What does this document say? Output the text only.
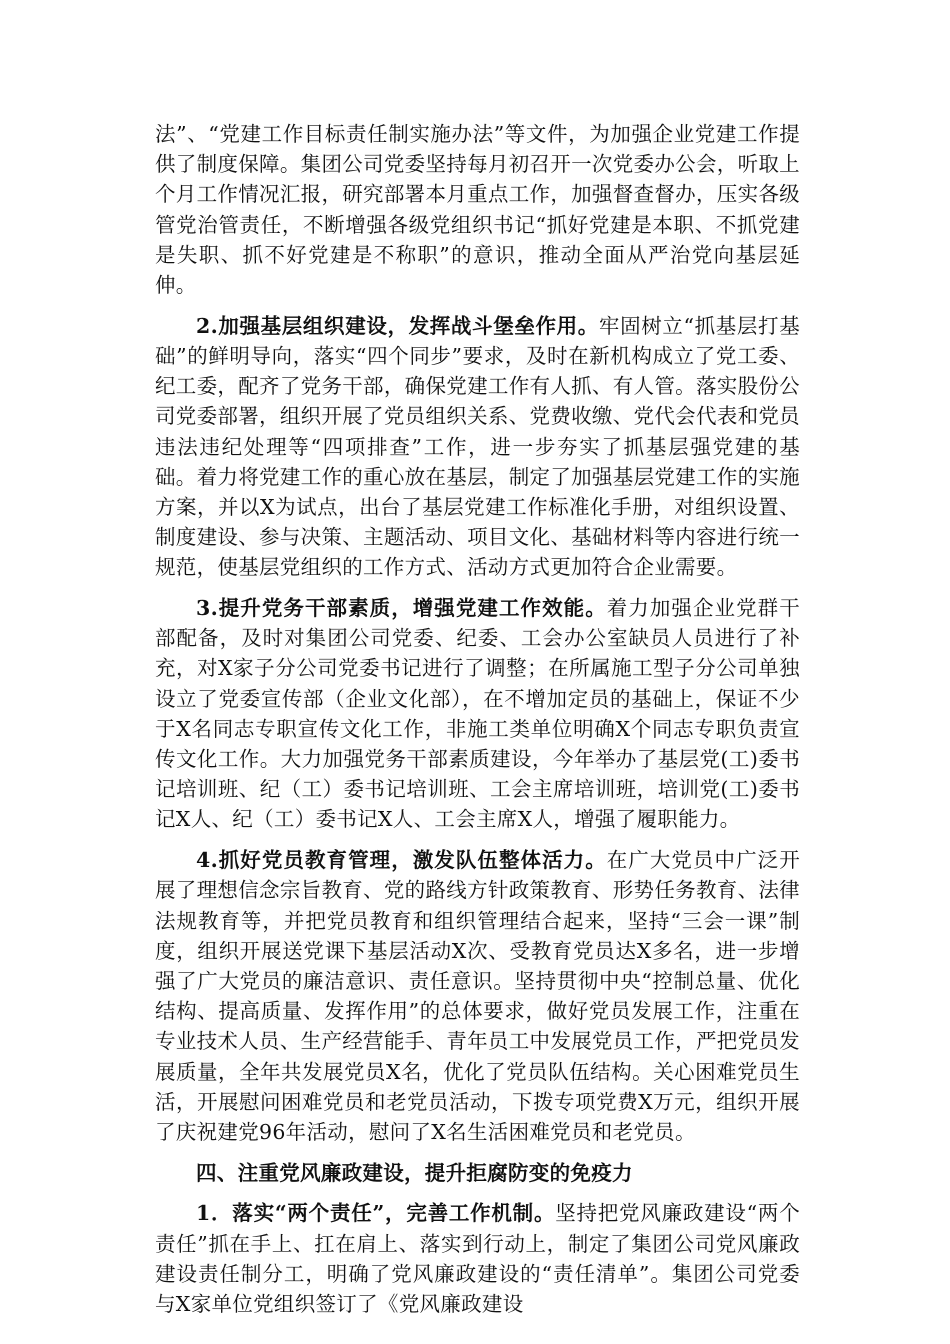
法”、“党建工作目标责任制实施办法”等文件，为加强企业党建工作提供了制度保障。集团公司党委坚持每月初召开一次党委办公会，听取上个月工作情况汇报，研究部署本月重点工作，加强督查督办，压实各级管党治管责任，不断增强各级党组织书记“抓好党建是本职、不抓党建是失职、抓不好党建是不称职”的意识，推动全面从严治党向基层延伸。

2.加强基层组织建设，发挥战斗堡垒作用。牢固树立“抓基层打基础”的鲜明导向，落实“四个同步”要求，及时在新机构成立了党工委、纪工委，配齐了党务干部，确保党建工作有人抓、有人管。落实股份公司党委部署，组织开展了党员组织关系、党费收缴、党代会代表和党员违法违纪处理等“四项排查”工作，进一步夯实了抓基层强党建的基础。着力将党建工作的重心放在基层，制定了加强基层党建工作的实施方案，并以X为试点，出台了基层党建工作标准化手册，对组织设置、制度建设、参与决策、主题活动、项目文化、基础材料等内容进行统一规范，使基层党组织的工作方式、活动方式更加符合企业需要。

3.提升党务干部素质，增强党建工作效能。着力加强企业党群干部配备，及时对集团公司党委、纪委、工会办公室缺员人员进行了补充，对X家子分公司党委书记进行了调整；在所属施工型子分公司单独设立了党委宣传部（企业文化部），在不增加定员的基础上，保证不少于X名同志专职宣传文化工作，非施工类单位明确X个同志专职负责宣传文化工作。大力加强党务干部素质建设，今年举办了基层党(工)委书记培训班、纪（工）委书记培训班、工会主席培训班，培训党(工)委书记X人、纪（工）委书记X人、工会主席X人，增强了履职能力。

4.抓好党员教育管理，激发队伍整体活力。在广大党员中广泛开展了理想信念宗旨教育、党的路线方针政策教育、形势任务教育、法律法规教育等，并把党员教育和组织管理结合起来，坚持“三会一课”制度，组织开展送党课下基层活动X次、受教育党员达X多名，进一步增强了广大党员的廉洁意识、责任意识。坚持贯彻中央“控制总量、优化结构、提高质量、发挥作用”的总体要求，做好党员发展工作，注重在专业技术人员、生产经营能手、青年员工中发展党员工作，严把党员发展质量，全年共发展党员X名，优化了党员队伍结构。关心困难党员生活，开展慰问困难党员和老党员活动，下拨专项党费X万元，组织开展了庆祝建党96年活动，慰问了X名生活困难党员和老党员。

四、注重党风廉政建设，提升拒腐防变的免疫力

1．落实“两个责任”，完善工作机制。坚持把党风廉政建设“两个责任”抓在手上、扛在肩上、落实到行动上，制定了集团公司党风廉政建设责任制分工，明确了党风廉政建设的“责任清单”。集团公司党委与X家单位党组织签订了《党风廉政建设
